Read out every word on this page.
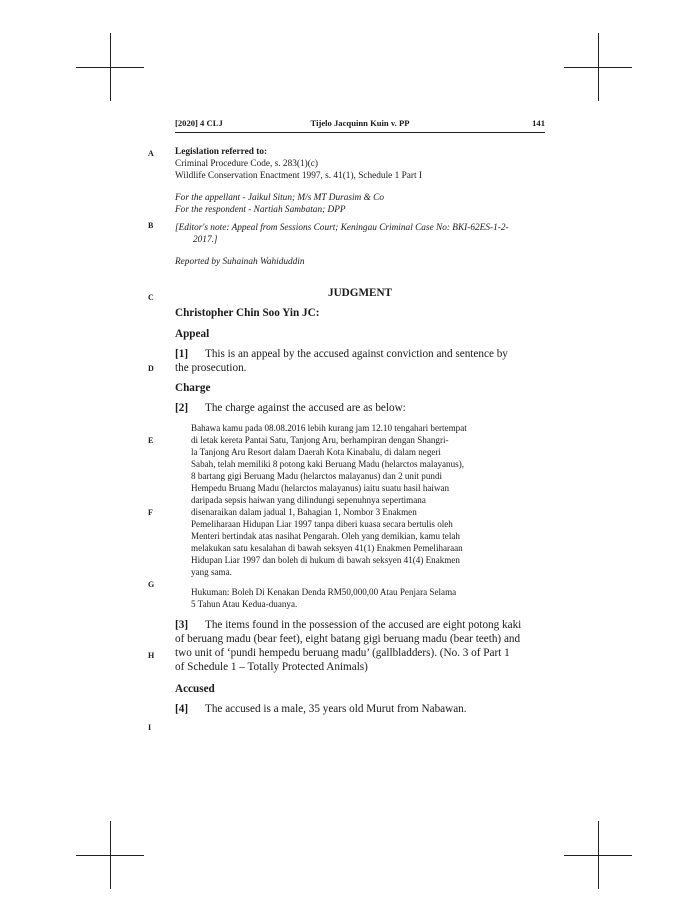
[2020] 4 CLJ	Tijelo Jacquinn Kuin v. PP	141
A
B
C
D
E
F
G
H
I
Legislation referred to:
Criminal Procedure Code, s. 283(1)(c)
Wildlife Conservation Enactment 1997, s. 41(1), Schedule 1 Part I
For the appellant - Jaikul Situn; M/s MT Durasim & Co
For the respondent - Nartiah Sambatan; DPP
[Editor's note: Appeal from Sessions Court; Keningau Criminal Case No: BKI-62ES-1-2-
2017.]
Reported by Suhainah Wahiduddin
JUDGMENT
Christopher Chin Soo Yin JC:
Appeal
[1] This is an appeal by the accused against conviction and sentence by
the prosecution.
Charge
[2] The charge against the accused are as below:
Bahawa kamu pada 08.08.2016 lebih kurang jam 12.10 tengahari bertempat
di letak kereta Pantai Satu, Tanjong Aru, berhampiran dengan Shangri-
la Tanjong Aru Resort dalam Daerah Kota Kinabalu, di dalam negeri
Sabah, telah memiliki 8 potong kaki Beruang Madu (helarctos malayanus),
8 bartang gigi Beruang Madu (helarctos malayanus) dan 2 unit pundi
Hempedu Bruang Madu (helarctos malayanus) iaitu suatu hasil haiwan
daripada sepsis haiwan yang dilindungi sepenuhnya sepertimana
disenaraikan dalam jadual 1, Bahagian 1, Nombor 3 Enakmen
Pemeliharaan Hidupan Liar 1997 tanpa diberi kuasa secara bertulis oleh
Menteri bertindak atas nasihat Pengarah. Oleh yang demikian, kamu telah
melakukan satu kesalahan di bawah seksyen 41(1) Enakmen Pemeliharaan
Hidupan Liar 1997 dan boleh di hukum di bawah seksyen 41(4) Enakmen
yang sama.
Hukuman: Boleh Di Kenakan Denda RM50,000,00 Atau Penjara Selama
5 Tahun Atau Kedua-duanya.
[3] The items found in the possession of the accused are eight potong kaki
of beruang madu (bear feet), eight batang gigi beruang madu (bear teeth) and
two unit of ‘pundi hempedu beruang madu’ (gallbladders). (No. 3 of Part 1
of Schedule 1 – Totally Protected Animals)
Accused
[4] The accused is a male, 35 years old Murut from Nabawan.
